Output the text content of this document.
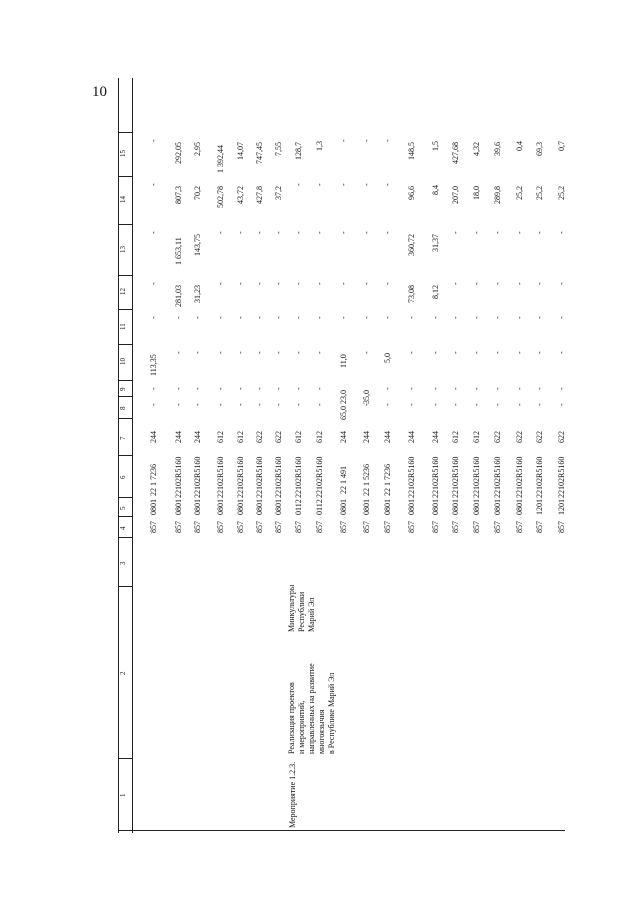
10
1
2
3
4
5
6
7
8
9
10
11
12
13
14
15
Мероприятие 1.2.3.
Реализация проектов и мероприятий, направленных на развитие многоязычия в Республике Марий Эл
Минкультуры Республики Марий Эл
857
0801
22 1 7236
244
-
-
113,35
-
-
-
-
-
857
0801
22102R5160
244
-
-
-
-
281,03
1 653,11
807,3
292,05
857
0801
22102R5160
244
-
-
-
-
31,23
143,75
70,2
2,95
857
0801
22102R5160
612
-
-
-
-
-
-
502,78
1 392,44
857
0801
22102R5160
612
-
-
-
-
-
-
43,72
14,07
857
0801
22102R5160
622
-
-
-
-
-
-
427,8
747,45
857
0801
22102R5160
622
-
-
-
-
-
-
37,2
7,55
857
0112
22102R5160
612
-
-
-
-
-
-
-
128,7
857
0112
22102R5160
612
-
-
-
-
-
-
-
1,3
857
0801
22 1 491
244
65,0
23,0
11,0
-
-
-
-
-
857
0801
22 1 5236
244
-
35,0
-
-
-
-
-
-
857
0801
22 1 7236
244
-
-
5,0
-
-
-
-
-
857
0801
22102R5160
244
-
-
-
-
73,08
360,72
96,6
148,5
857
0801
22102R5160
244
-
-
-
-
8,12
31,37
8,4
1,5
857
0801
22102R5160
612
-
-
-
-
-
-
207,0
427,68
857
0801
22102R5160
612
-
-
-
-
-
-
18,0
4,32
857
0801
22102R5160
622
-
-
-
-
-
-
289,8
39,6
857
0801
22102R5160
622
-
-
-
-
-
-
25,2
0,4
857
1201
22102R5160
622
-
-
-
-
-
-
25,2
69,3
857
1201
22102R5160
622
-
-
-
-
-
-
25,2
0,7
